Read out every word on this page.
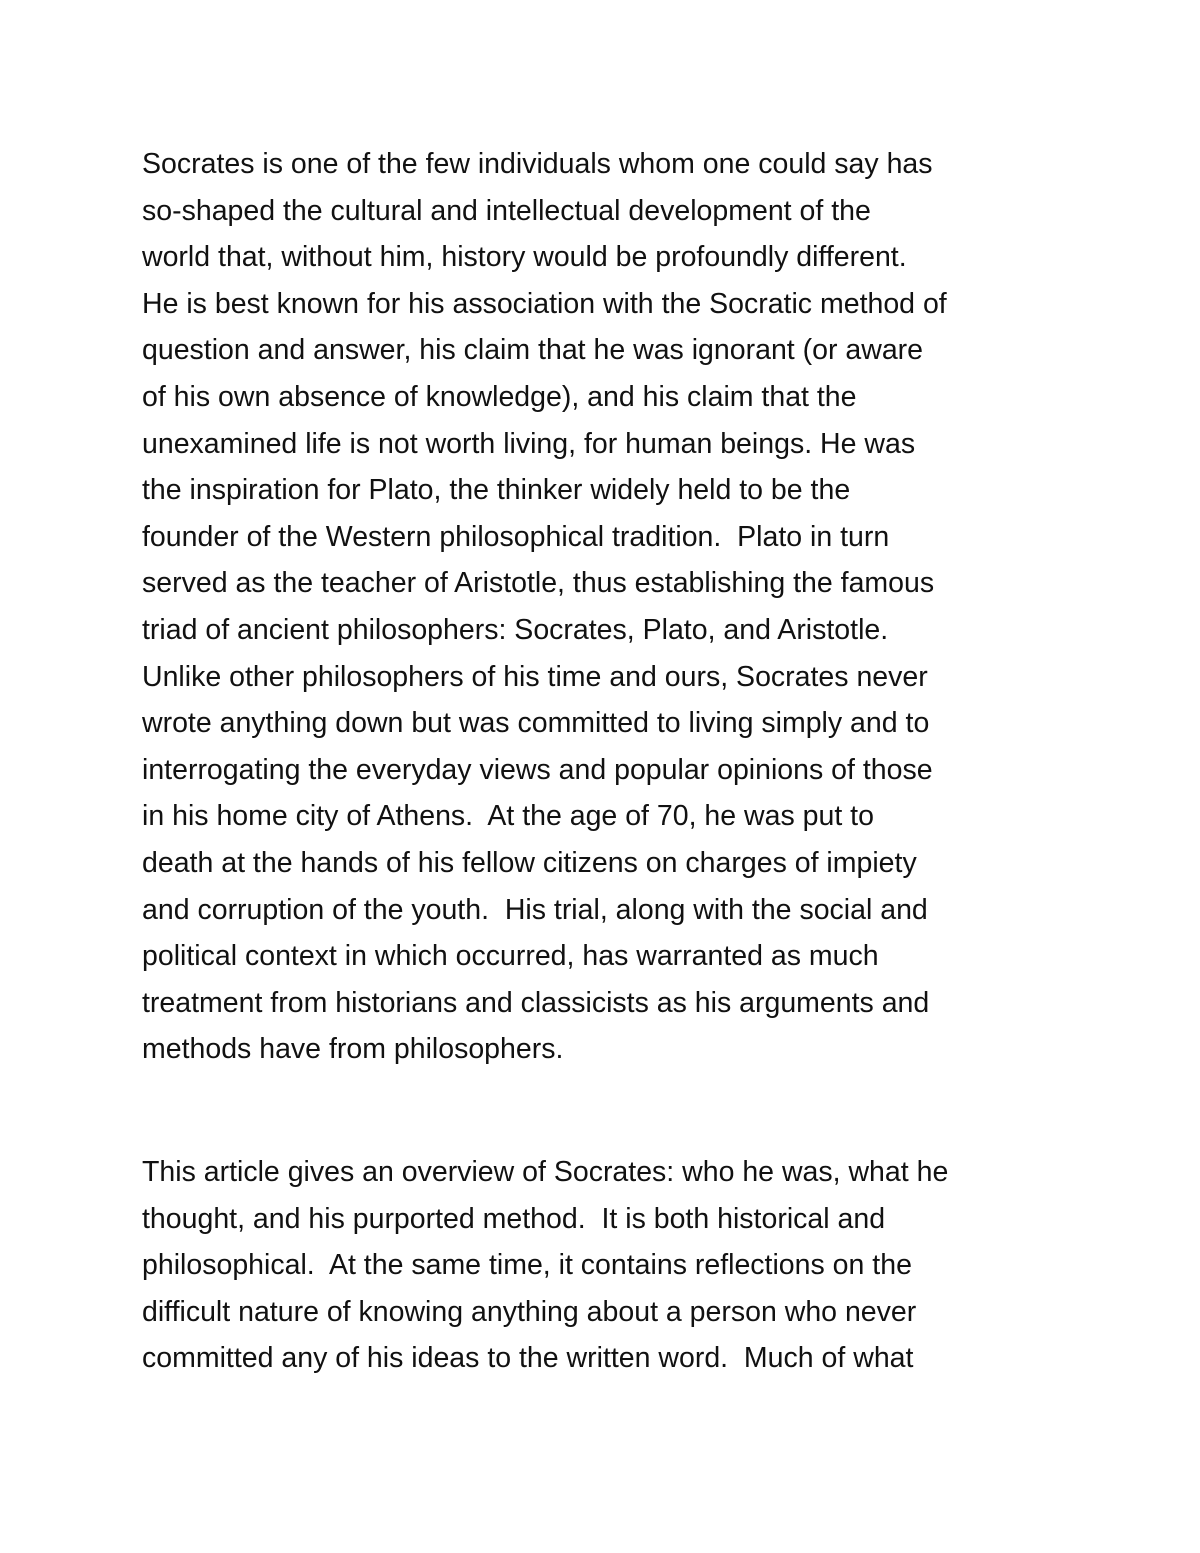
Socrates is one of the few individuals whom one could say has
so-shaped the cultural and intellectual development of the
world that, without him, history would be profoundly different.
He is best known for his association with the Socratic method of
question and answer, his claim that he was ignorant (or aware
of his own absence of knowledge), and his claim that the
unexamined life is not worth living, for human beings. He was
the inspiration for Plato, the thinker widely held to be the
founder of the Western philosophical tradition.  Plato in turn
served as the teacher of Aristotle, thus establishing the famous
triad of ancient philosophers: Socrates, Plato, and Aristotle.
Unlike other philosophers of his time and ours, Socrates never
wrote anything down but was committed to living simply and to
interrogating the everyday views and popular opinions of those
in his home city of Athens.  At the age of 70, he was put to
death at the hands of his fellow citizens on charges of impiety
and corruption of the youth.  His trial, along with the social and
political context in which occurred, has warranted as much
treatment from historians and classicists as his arguments and
methods have from philosophers.
This article gives an overview of Socrates: who he was, what he
thought, and his purported method.  It is both historical and
philosophical.  At the same time, it contains reflections on the
difficult nature of knowing anything about a person who never
committed any of his ideas to the written word.  Much of what
